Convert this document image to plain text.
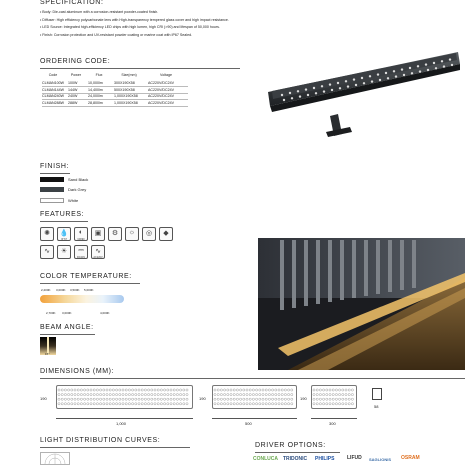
SPECIFICATION:
• Body: Die-cast aluminum with a corrosion-resistant powder-coated finish.
• Diffuser: High efficiency polycarbonate lens with High-transparency tempered glass cover and high impact resistance.
• LED Source: Integrated high-efficiency LED chips with high lumen, high CRI (>90) and lifespan of 50,000 hours.
• Finish: Corrosion protection and UV-resistant powder coating or marine coat with IP67 Sealed.
ORDERING CODE:
Code	Power	Flux	Size(mm)	Voltage
CLMAN100W	100W	10,000lm	300X190X58	AC220V/DC24V
CLMAN144W	144W	14,400lm	500X190X58	AC220V/DC24V
CLMAN240W	240W	24,000lm	1,000X190X58	AC220V/DC24V
CLMAN288W	288W	28,800lm	1,000X190X58	AC220V/DC24V
FINISH:
Sand Black
Dark Grey
White
FEATURES:
✺	💧
IP 67
◐
CRI90
▣	⚙	☼	◎	◆
∿	☀	⎓
DC24V
∿
AC220V
COLOR TEMPERATURE:
2,200K 3,000K 3,500K 5,000K
2,700K 3,000K	4,000K
BEAM ANGLE:
15°
DIMENSIONS (MM):
190
1,000
190
500
190
300
58
LIGHT DISTRIBUTION CURVES:
DRIVER OPTIONS:
CONLUCA TRIDONIC PHILIPS	LIFUD SAGLIONIS OSRAM
